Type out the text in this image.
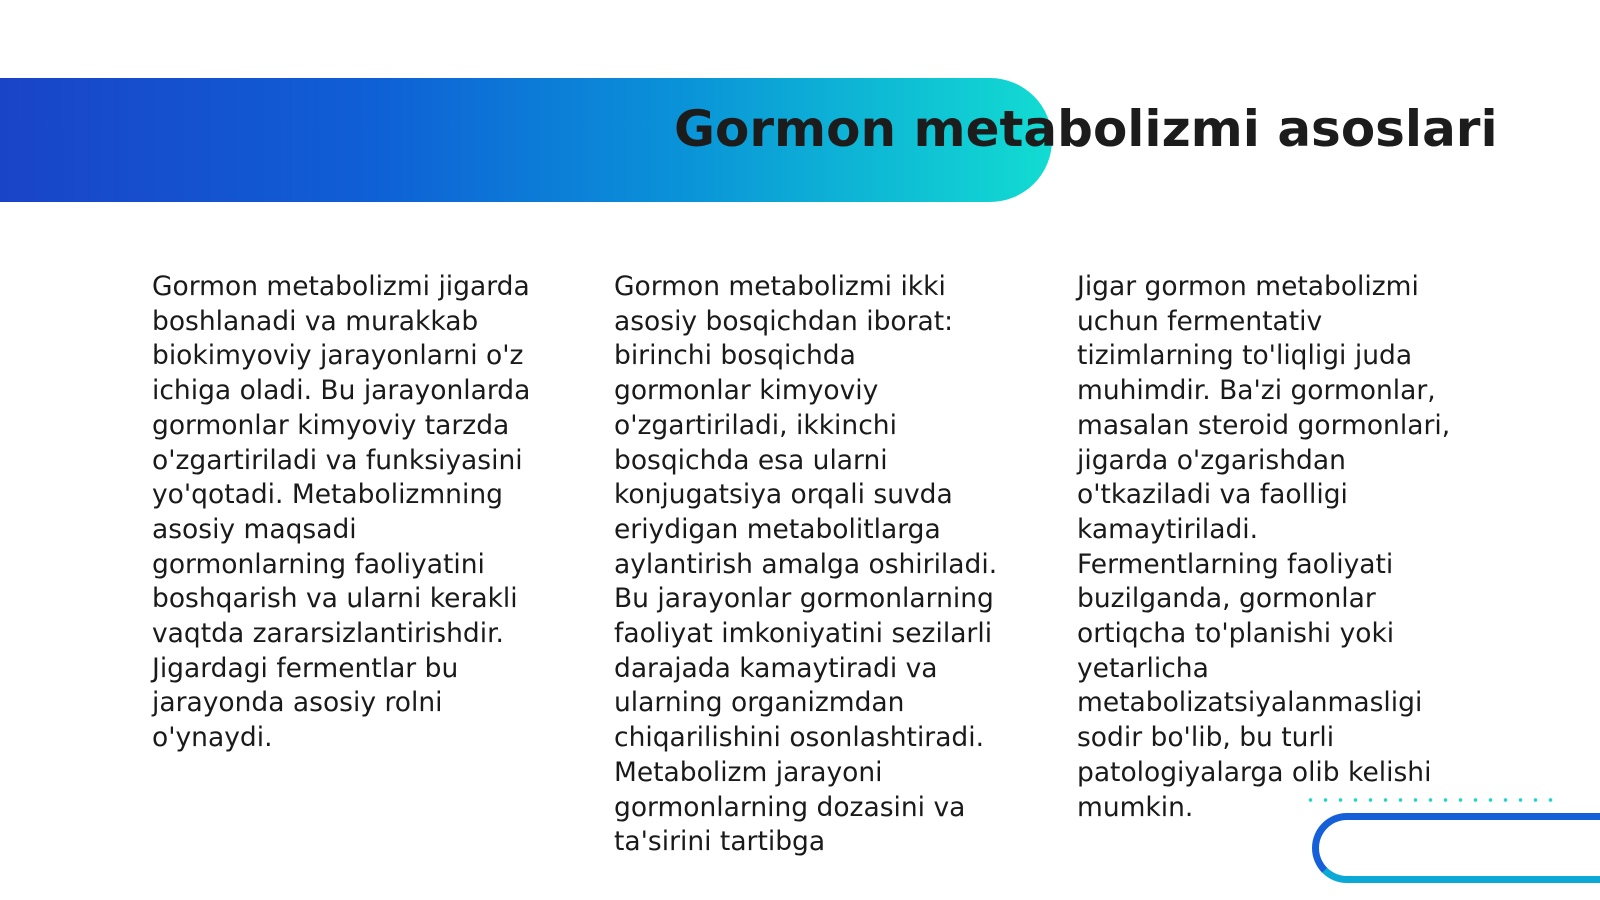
Gormon metabolizmi asoslari

Gormon metabolizmi jigarda boshlanadi va murakkab biokimyoviy jarayonlarni o'z ichiga oladi. Bu jarayonlarda gormonlar kimyoviy tarzda o'zgartiriladi va funksiyasini yo'qotadi. Metabolizmning asosiy maqsadi gormonlarning faoliyatini boshqarish va ularni kerakli vaqtda zararsizlantirishdir. Jigardagi fermentlar bu jarayonda asosiy rolni o'ynaydi.

Gormon metabolizmi ikki asosiy bosqichdan iborat: birinchi bosqichda gormonlar kimyoviy o'zgartiriladi, ikkinchi bosqichda esa ularni konjugatsiya orqali suvda eriydigan metabolitlarga aylantirish amalga oshiriladi. Bu jarayonlar gormonlarning faoliyat imkoniyatini sezilarli darajada kamaytiradi va ularning organizmdan chiqarilishini osonlashtiradi. Metabolizm jarayoni gormonlarning dozasini va ta'sirini tartibga

Jigar gormon metabolizmi uchun fermentativ tizimlarning to'liqligi juda muhimdir. Ba'zi gormonlar, masalan steroid gormonlari, jigarda o'zgarishdan o'tkaziladi va faolligi kamaytiriladi. Fermentlarning faoliyati buzilganda, gormonlar ortiqcha to'planishi yoki yetarlicha metabolizatsiyalanmasligi sodir bo'lib, bu turli patologiyalarga olib kelishi mumkin.
